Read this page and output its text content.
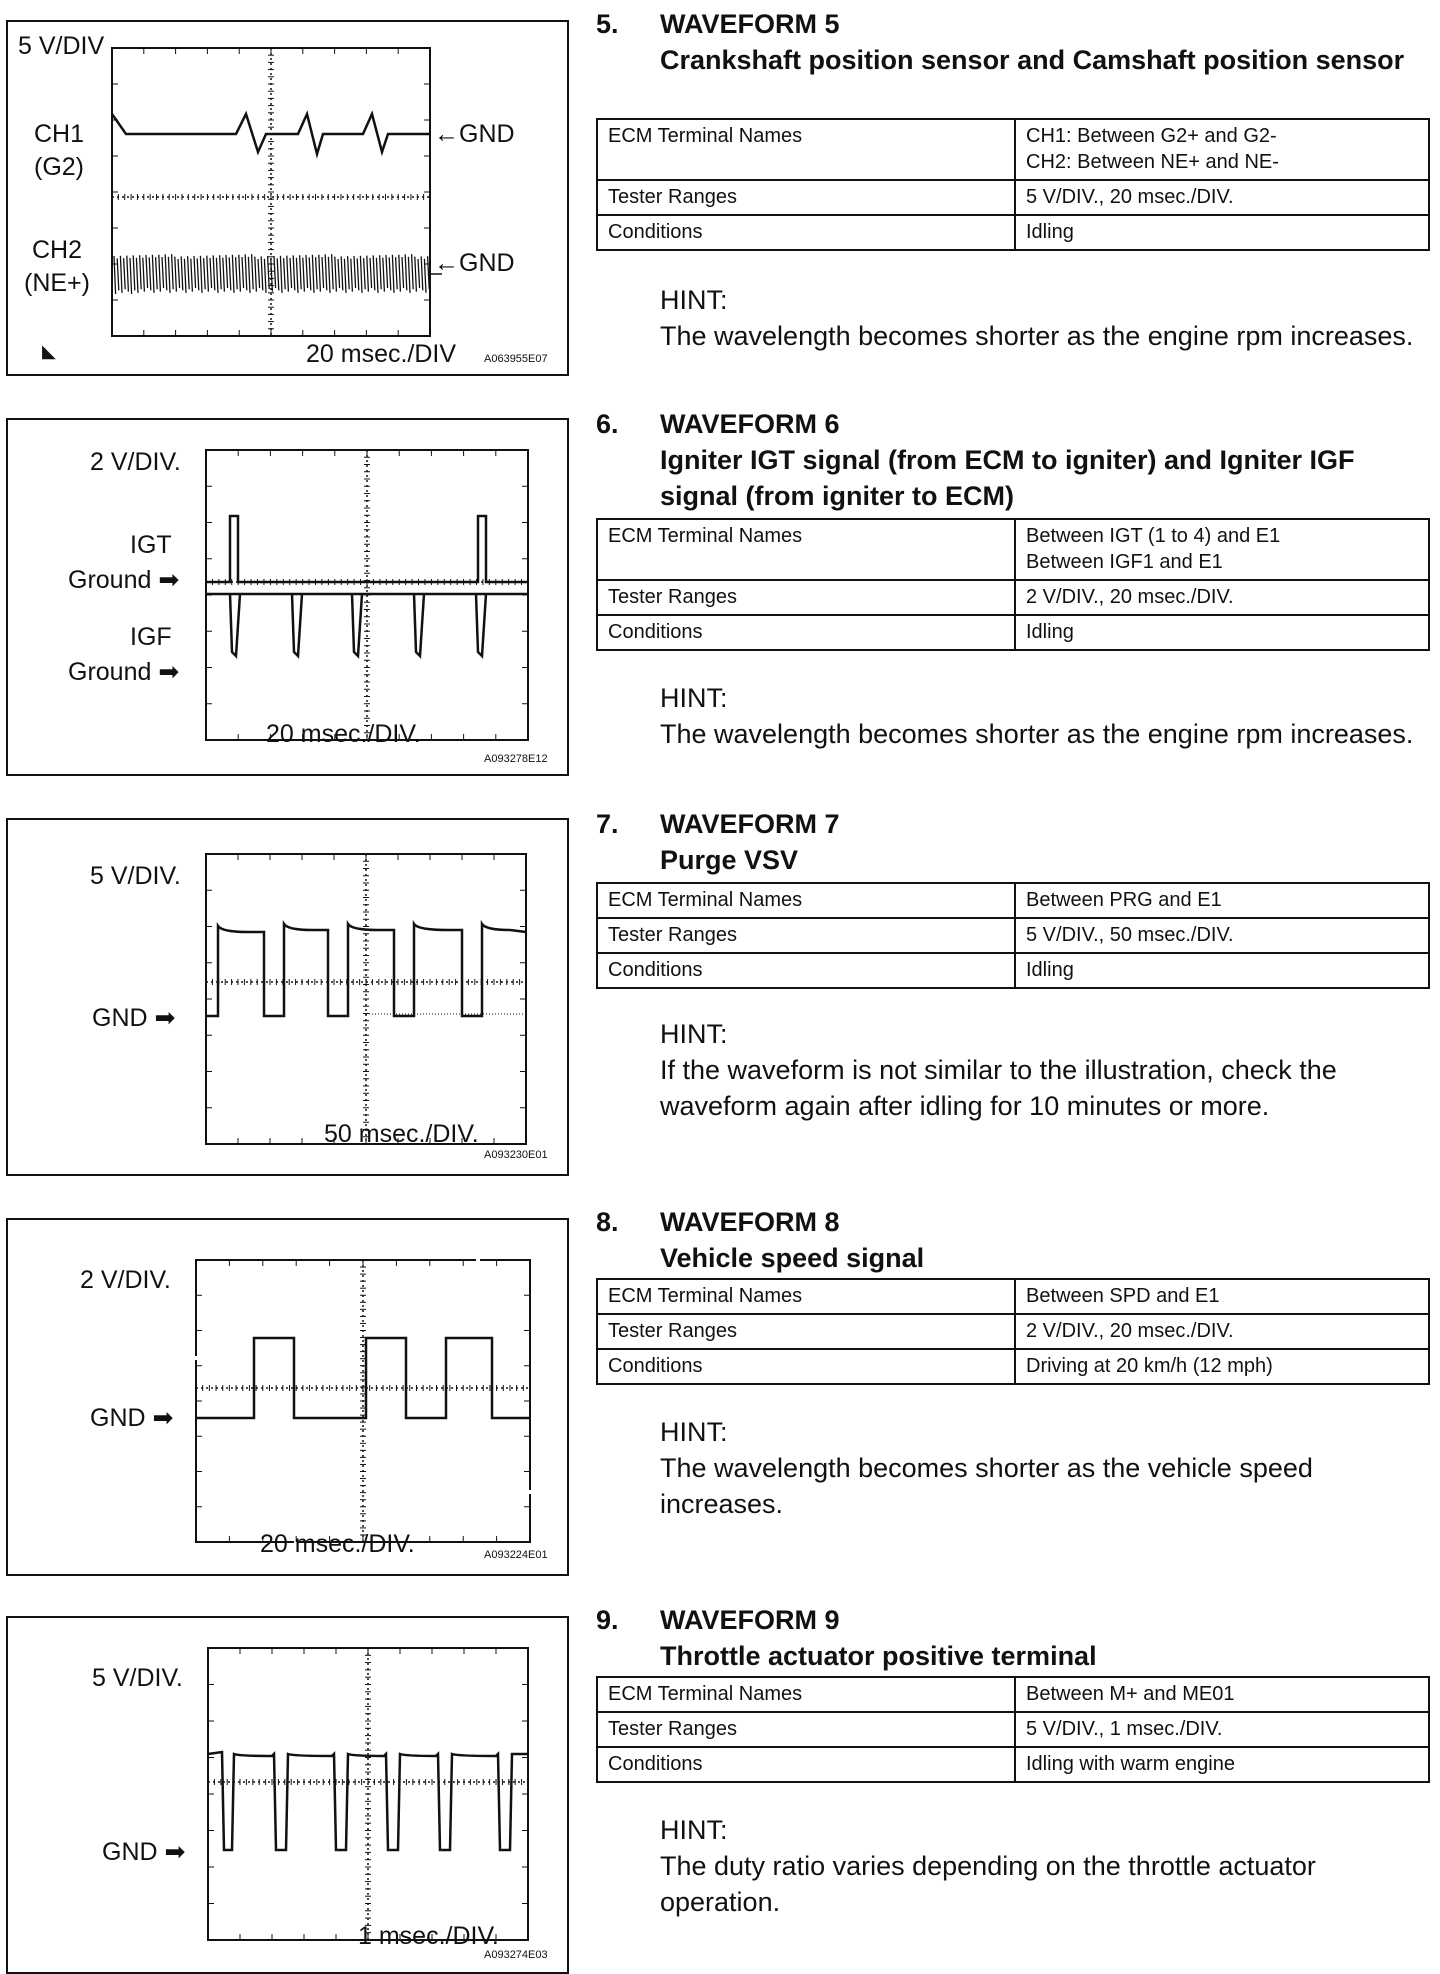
5 V/DIV
CH1
(G2)
CH2
(NE+)
←GND
←GND
20 msec./DIV	A063955E07
◣
2 V/DIV.
IGT
Ground ➡
IGF
Ground ➡
20 msec./DIV.
A093278E12
5 V/DIV.
GND ➡
50 msec./DIV.
A093230E01
2 V/DIV.
GND ➡
20 msec./DIV.	A093224E01
5 V/DIV.
GND ➡
1 msec./DIV.
A093274E03
5. WAVEFORM 5
Crankshaft position sensor and Camshaft position sensor
ECM Terminal Names	CH1: Between G2+ and G2-
CH2: Between NE+ and NE-
Tester Ranges	5 V/DIV., 20 msec./DIV.
Conditions	Idling
HINT:
The wavelength becomes shorter as the engine rpm increases.
6. WAVEFORM 6
Igniter IGT signal (from ECM to igniter) and Igniter IGF signal (from igniter to ECM)
ECM Terminal Names	Between IGT (1 to 4) and E1
Between IGF1 and E1
Tester Ranges	2 V/DIV., 20 msec./DIV.
Conditions	Idling
HINT:
The wavelength becomes shorter as the engine rpm increases.
7. WAVEFORM 7
Purge VSV
ECM Terminal Names	Between PRG and E1
Tester Ranges	5 V/DIV., 50 msec./DIV.
Conditions	Idling
HINT:
If the waveform is not similar to the illustration, check the waveform again after idling for 10 minutes or more.
8. WAVEFORM 8
Vehicle speed signal
ECM Terminal Names	Between SPD and E1
Tester Ranges	2 V/DIV., 20 msec./DIV.
Conditions	Driving at 20 km/h (12 mph)
HINT:
The wavelength becomes shorter as the vehicle speed increases.
9. WAVEFORM 9
Throttle actuator positive terminal
ECM Terminal Names	Between M+ and ME01
Tester Ranges	5 V/DIV., 1 msec./DIV.
Conditions	Idling with warm engine
HINT:
The duty ratio varies depending on the throttle actuator operation.
